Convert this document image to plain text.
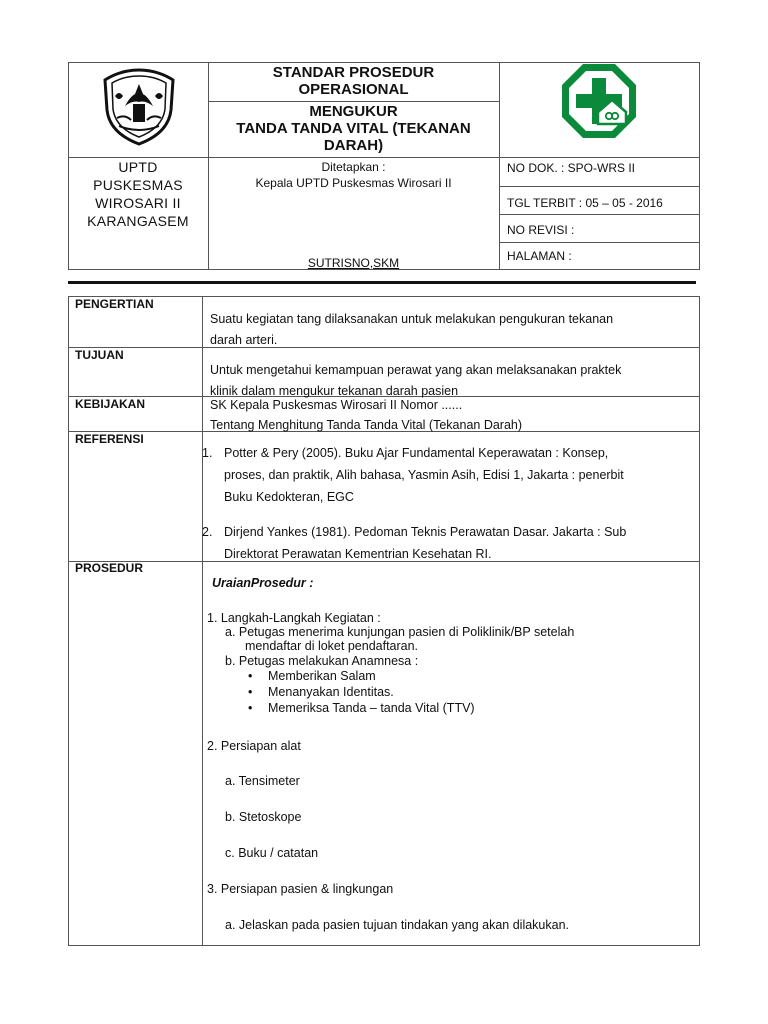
STANDAR PROSEDUR
OPERASIONAL
MENGUKUR
TANDA TANDA VITAL (TEKANAN
DARAH)
UPTD
PUSKESMAS
WIROSARI II
KARANGASEM
Ditetapkan :
Kepala UPTD Puskesmas Wirosari II
SUTRISNO,SKM
NO DOK. : SPO-WRS II
TGL TERBIT : 05 – 05 - 2016
NO REVISI :
HALAMAN :
PENGERTIAN
Suatu kegiatan tang dilaksanakan untuk melakukan pengukuran tekanan
darah arteri.
TUJUAN
Untuk mengetahui kemampuan perawat yang akan melaksanakan praktek
klinik dalam mengukur tekanan darah pasien
KEBIJAKAN	SK Kepala Puskesmas Wirosari II Nomor ......
Tentang Menghitung Tanda Tanda Vital (Tekanan Darah)
REFERENSI
1. Potter & Pery (2005). Buku Ajar Fundamental Keperawatan : Konsep,
proses, dan praktik, Alih bahasa, Yasmin Asih, Edisi 1, Jakarta : penerbit
Buku Kedokteran, EGC
2. Dirjend Yankes (1981). Pedoman Teknis Perawatan Dasar. Jakarta : Sub
Direktorat Perawatan Kementrian Kesehatan RI.
PROSEDUR
UraianProsedur :
1. Langkah-Langkah Kegiatan :
a. Petugas menerima kunjungan pasien di Poliklinik/BP setelah
mendaftar di loket pendaftaran.
b. Petugas melakukan Anamnesa :
• Memberikan Salam
• Menanyakan Identitas.
• Memeriksa Tanda – tanda Vital (TTV)
2. Persiapan alat
a. Tensimeter
b. Stetoskope
c. Buku / catatan
3. Persiapan pasien & lingkungan
a. Jelaskan pada pasien tujuan tindakan yang akan dilakukan.
